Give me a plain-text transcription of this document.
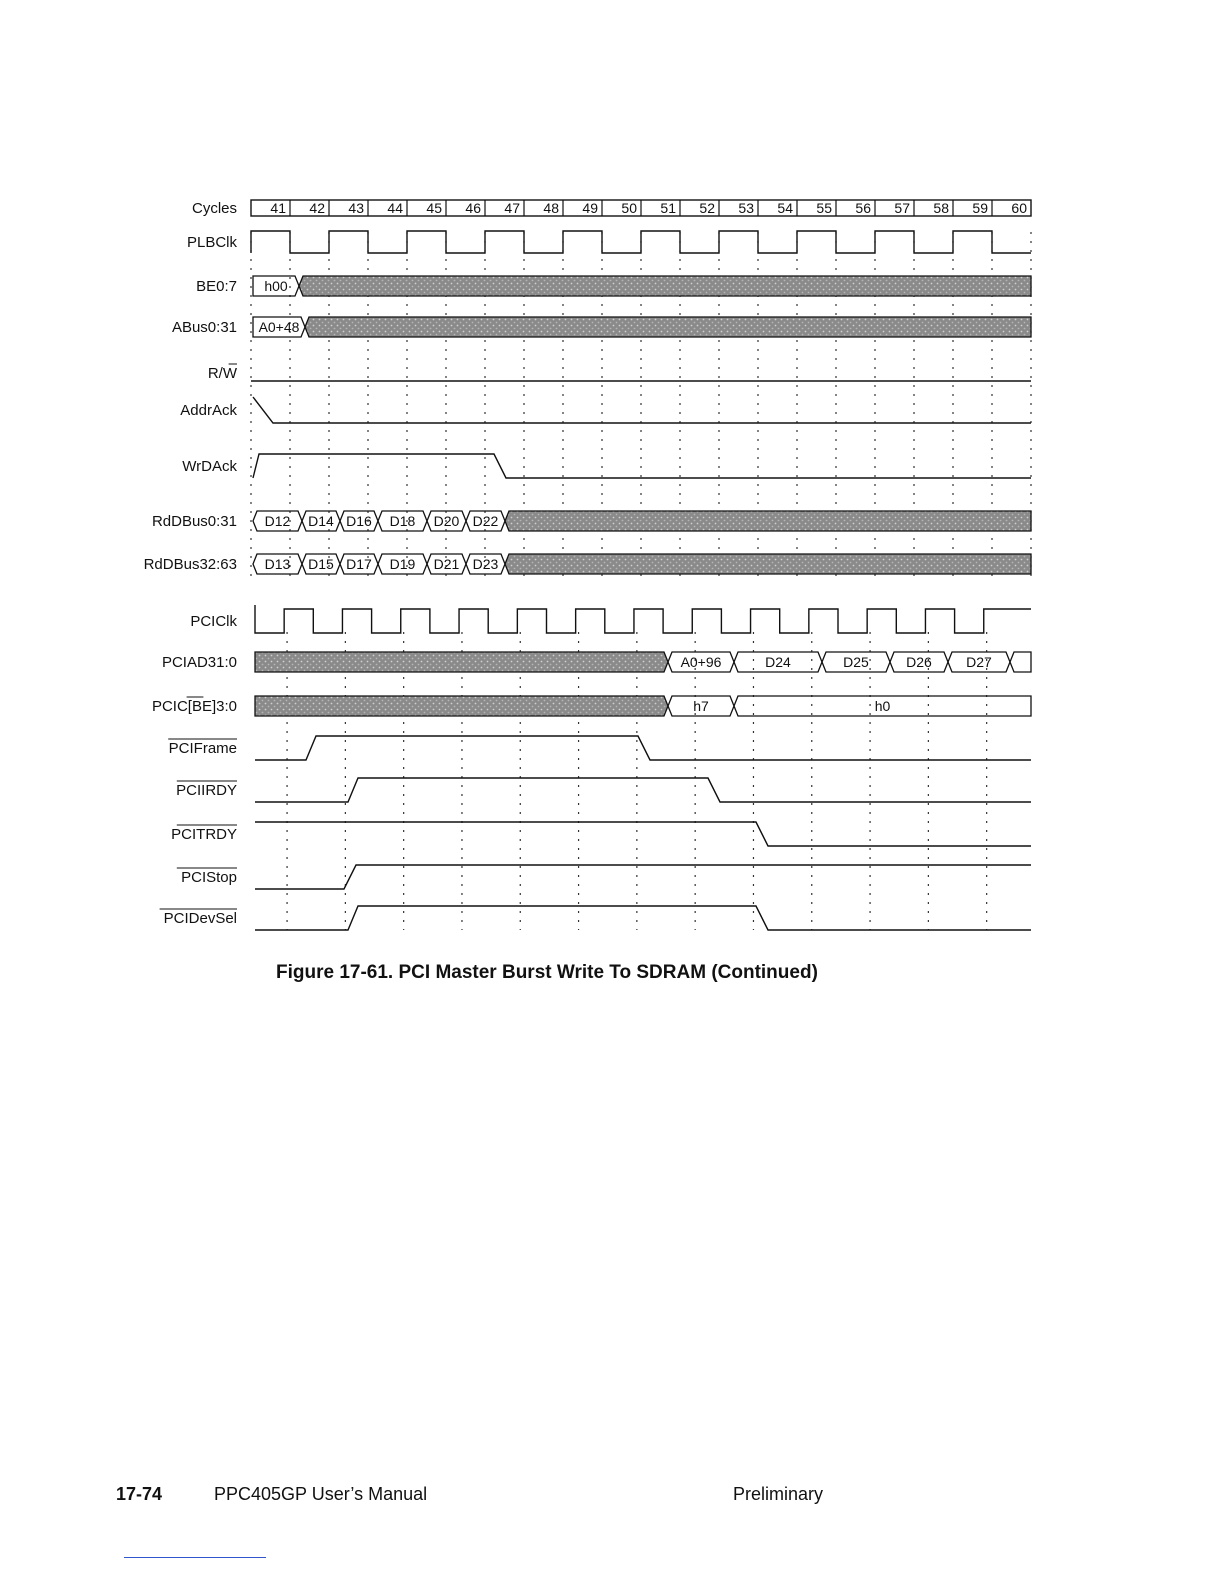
Cycles
PLBClk
BE0:7
ABus0:31
R/W
AddrAck
WrDAck
RdDBus0:31
RdDBus32:63
PCIClk
PCIAD31:0
PCIC[BE]3:0
PCIFrame
PCIIRDY
PCITRDY
PCIStop
PCIDevSel
41 42 43 44 45 46 47 48 49 50 51 52 53 54 55 56 57 58 59 60
h00
A0+48
D12 D14 D16 D18 D20 D22
D13 D15 D17 D19 D21 D23
A0+96	D24	D25	D26 D27
h7	h0
Figure 17-61. PCI Master Burst Write To SDRAM (Continued)
17-74	PPC405GP User’s Manual	Preliminary
